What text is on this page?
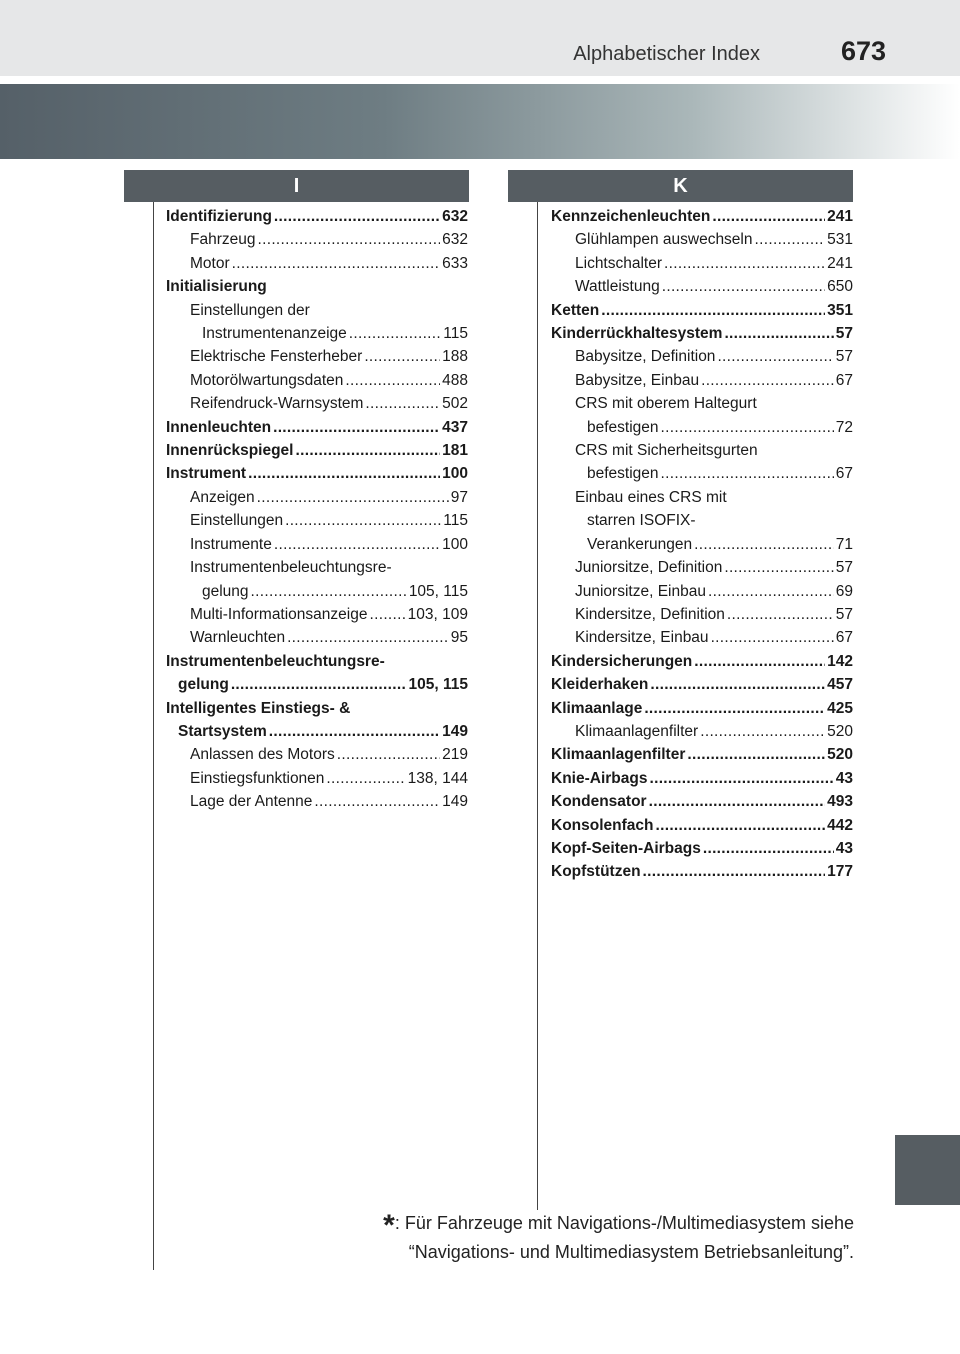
Alphabetischer Index	673
I	K
Identifizierung . . .	632
Fahrzeug . . .	632
Motor . . .	633
Initialisierung
Einstellungen der
Instrumentenanzeige . . .	115
Elektrische Fensterheber . . .	188
Motorölwartungsdaten . . .	488
Reifendruck-Warnsystem . . .	502
Innenleuchten . . .	437
Innenrückspiegel . . .	181
Instrument . . .	100
Anzeigen . . .	97
Einstellungen . . .	115
Instrumente . . .	100
Instrumentenbeleuchtungsre-
gelung . . .	105, 115
Multi-Informationsanzeige . . .	103, 109
Warnleuchten . . .	95
Instrumentenbeleuchtungsre-
gelung . . .	105, 115
Intelligentes Einstiegs- &
Startsystem . . .	149
Anlassen des Motors . . .	219
Einstiegsfunktionen . . .	138, 144
Lage der Antenne . . .	149
Kennzeichenleuchten . . .	241
Glühlampen auswechseln . . .	531
Lichtschalter . . .	241
Wattleistung . . .	650
Ketten . . .	351
Kinderrückhaltesystem . . .	57
Babysitze, Definition . . .	57
Babysitze, Einbau . . .	67
CRS mit oberem Haltegurt
befestigen . . .	72
CRS mit Sicherheitsgurten
befestigen . . .	67
Einbau eines CRS mit
starren ISOFIX-
Verankerungen . . .	71
Juniorsitze, Definition . . .	57
Juniorsitze, Einbau . . .	69
Kindersitze, Definition . . .	57
Kindersitze, Einbau . . .	67
Kindersicherungen . . .	142
Kleiderhaken . . .	457
Klimaanlage . . .	425
Klimaanlagenfilter . . .	520
Klimaanlagenfilter . . .	520
Knie-Airbags . . .	43
Kondensator . . .	493
Konsolenfach . . .	442
Kopf-Seiten-Airbags . . .	43
Kopfstützen . . .	177
*: Für Fahrzeuge mit Navigations-/Multimediasystem siehe
“Navigations- und Multimediasystem Betriebsanleitung”.
